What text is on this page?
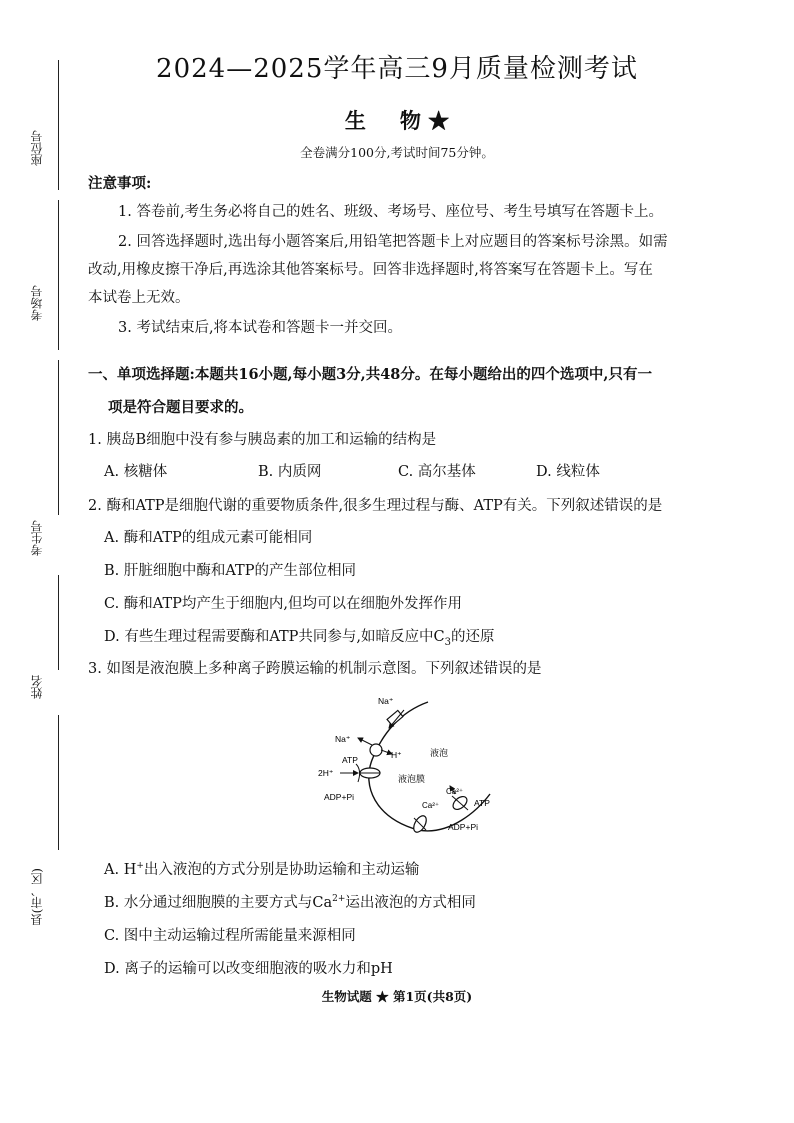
座位号
考场号
考生号
姓名
县(市、区)
2024—2025学年高三9月质量检测考试
生 物 ★
全卷满分100分,考试时间75分钟。
注意事项:
1. 答卷前,考生务必将自己的姓名、班级、考场号、座位号、考生号填写在答题卡上。
2. 回答选择题时,选出每小题答案后,用铅笔把答题卡上对应题目的答案标号涂黑。如需
改动,用橡皮擦干净后,再选涂其他答案标号。回答非选择题时,将答案写在答题卡上。写在
本试卷上无效。
3. 考试结束后,将本试卷和答题卡一并交回。
一、单项选择题:本题共16小题,每小题3分,共48分。在每小题给出的四个选项中,只有一
项是符合题目要求的。
1. 胰岛B细胞中没有参与胰岛素的加工和运输的结构是
A. 核糖体	B. 内质网	C. 高尔基体	D. 线粒体
2. 酶和ATP是细胞代谢的重要物质条件,很多生理过程与酶、ATP有关。下列叙述错误的是
A. 酶和ATP的组成元素可能相同
B. 肝脏细胞中酶和ATP的产生部位相同
C. 酶和ATP均产生于细胞内,但均可以在细胞外发挥作用
D. 有些生理过程需要酶和ATP共同参与,如暗反应中$C_3$的还原
3. 如图是液泡膜上多种离子跨膜运输的机制示意图。下列叙述错误的是
Na⁺
Na⁺
H⁺
ATP
2H⁺
ADP+Pi
液泡
液泡膜
Ca²⁺
Ca²⁺
ATP
ADP+Pi
A. H+出入液泡的方式分别是协助运输和主动运输
B. 水分通过细胞膜的主要方式与$Ca^{2+}$运出液泡的方式相同
C. 图中主动运输过程所需能量来源相同
D. 离子的运输可以改变细胞液的吸水力和pH
生物试题 ★ 第1页(共8页)
